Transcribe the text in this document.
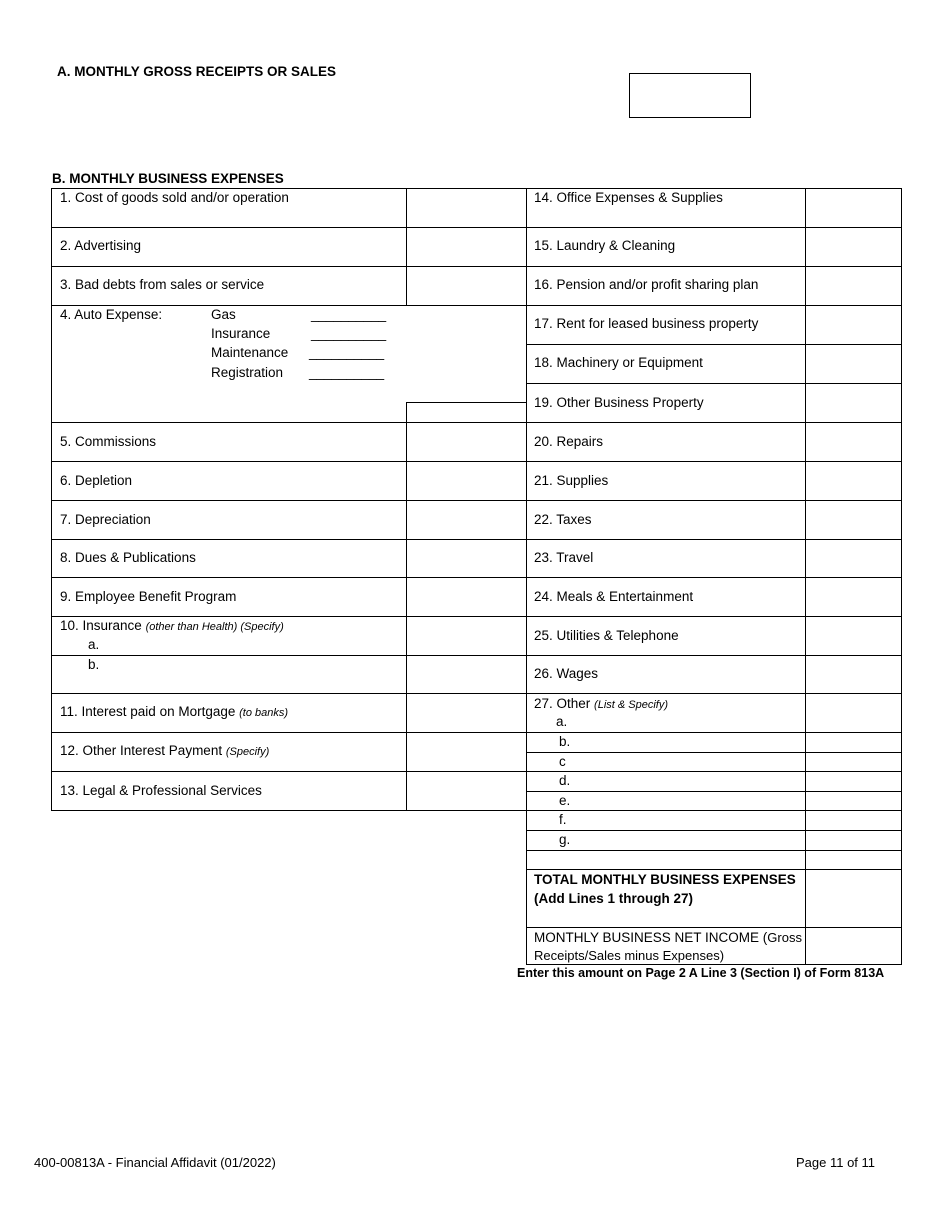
A. MONTHLY GROSS RECEIPTS OR SALES
B. MONTHLY BUSINESS EXPENSES
1. Cost of goods sold and/or operation
2. Advertising
3. Bad debts from sales or service
4. Auto Expense:	Gas
Insurance
Maintenance
Registration
__________
__________
__________
__________
5. Commissions
6. Depletion
7. Depreciation
8. Dues & Publications
9. Employee Benefit Program
10. Insurance (other than Health) (Specify)
a.
b.
11. Interest paid on Mortgage (to banks)
12. Other Interest Payment (Specify)
13. Legal & Professional Services
14. Office Expenses & Supplies
15. Laundry & Cleaning
16. Pension and/or profit sharing plan
17. Rent for leased business property
18. Machinery or Equipment
19. Other Business Property
20. Repairs
21. Supplies
22. Taxes
23. Travel
24. Meals & Entertainment
25. Utilities & Telephone
26. Wages
27. Other (List & Specify)
a.
b.
c
d.
e.
f.
g.
TOTAL MONTHLY BUSINESS EXPENSES
(Add Lines 1 through 27)
MONTHLY BUSINESS NET INCOME (Gross
Receipts/Sales minus Expenses)
Enter this amount on Page 2 A Line 3 (Section I) of Form 813A
400-00813A - Financial Affidavit (01/2022)	Page 11 of 11
